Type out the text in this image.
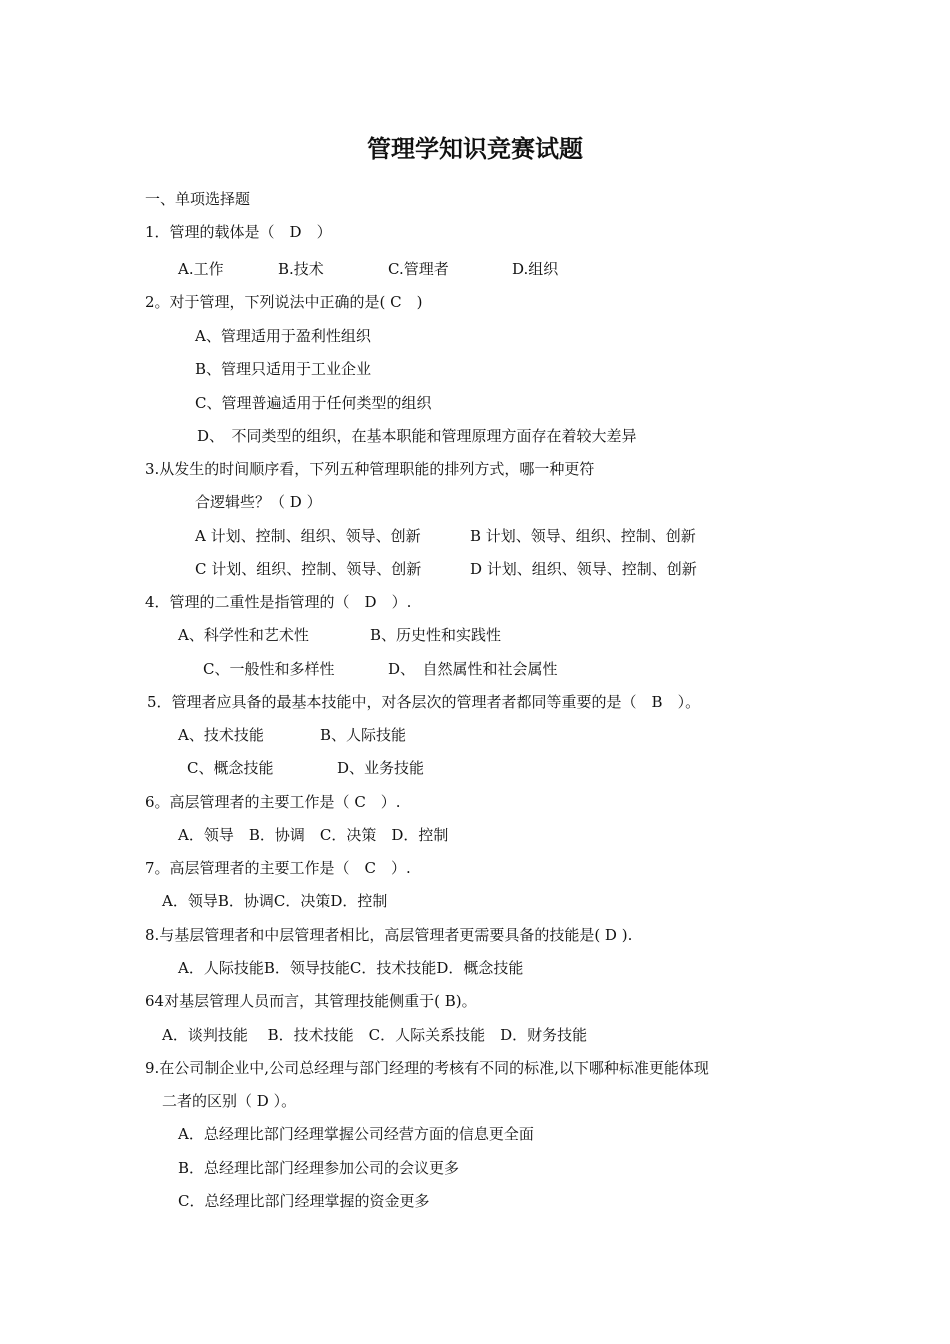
管理学知识竞赛试题

一、单项选择题

1．管理的载体是（　D　）

A.工作	B.技术	C.管理者	D.组织

2。对于管理，下列说法中正确的是( C　)

A、管理适用于盈利性组织

B、管理只适用于工业企业

C、管理普遍适用于任何类型的组织

D、　不同类型的组织，在基本职能和管理原理方面存在着较大差异

3.从发生的时间顺序看，下列五种管理职能的排列方式，哪一种更符

合逻辑些？（ D ）

A 计划、控制、组织、领导、创新	B 计划、领导、组织、控制、创新

C 计划、组织、控制、领导、创新	D 计划、组织、领导、控制、创新

4．管理的二重性是指管理的（　D　）.

A、科学性和艺术性	B、历史性和实践性

C、一般性和多样性	D、　自然属性和社会属性

5．管理者应具备的最基本技能中，对各层次的管理者者都同等重要的是（　B　）。

A、技术技能	B、人际技能

C、概念技能	D、业务技能

6。高层管理者的主要工作是（ C　）.

A．领导　B．协调　C．决策　D．控制

7。高层管理者的主要工作是（　C　）.

A．领导B．协调C．决策D．控制

8.与基层管理者和中层管理者相比，高层管理者更需要具备的技能是( D ).

A．人际技能B．领导技能C．技术技能D．概念技能

64对基层管理人员而言，其管理技能侧重于( B)。

A．谈判技能　 B．技术技能　C．人际关系技能　D．财务技能

9.在公司制企业中,公司总经理与部门经理的考核有不同的标准,以下哪种标准更能体现

二者的区别（ D ）。

A．总经理比部门经理掌握公司经营方面的信息更全面

B．总经理比部门经理参加公司的会议更多

C．总经理比部门经理掌握的资金更多
